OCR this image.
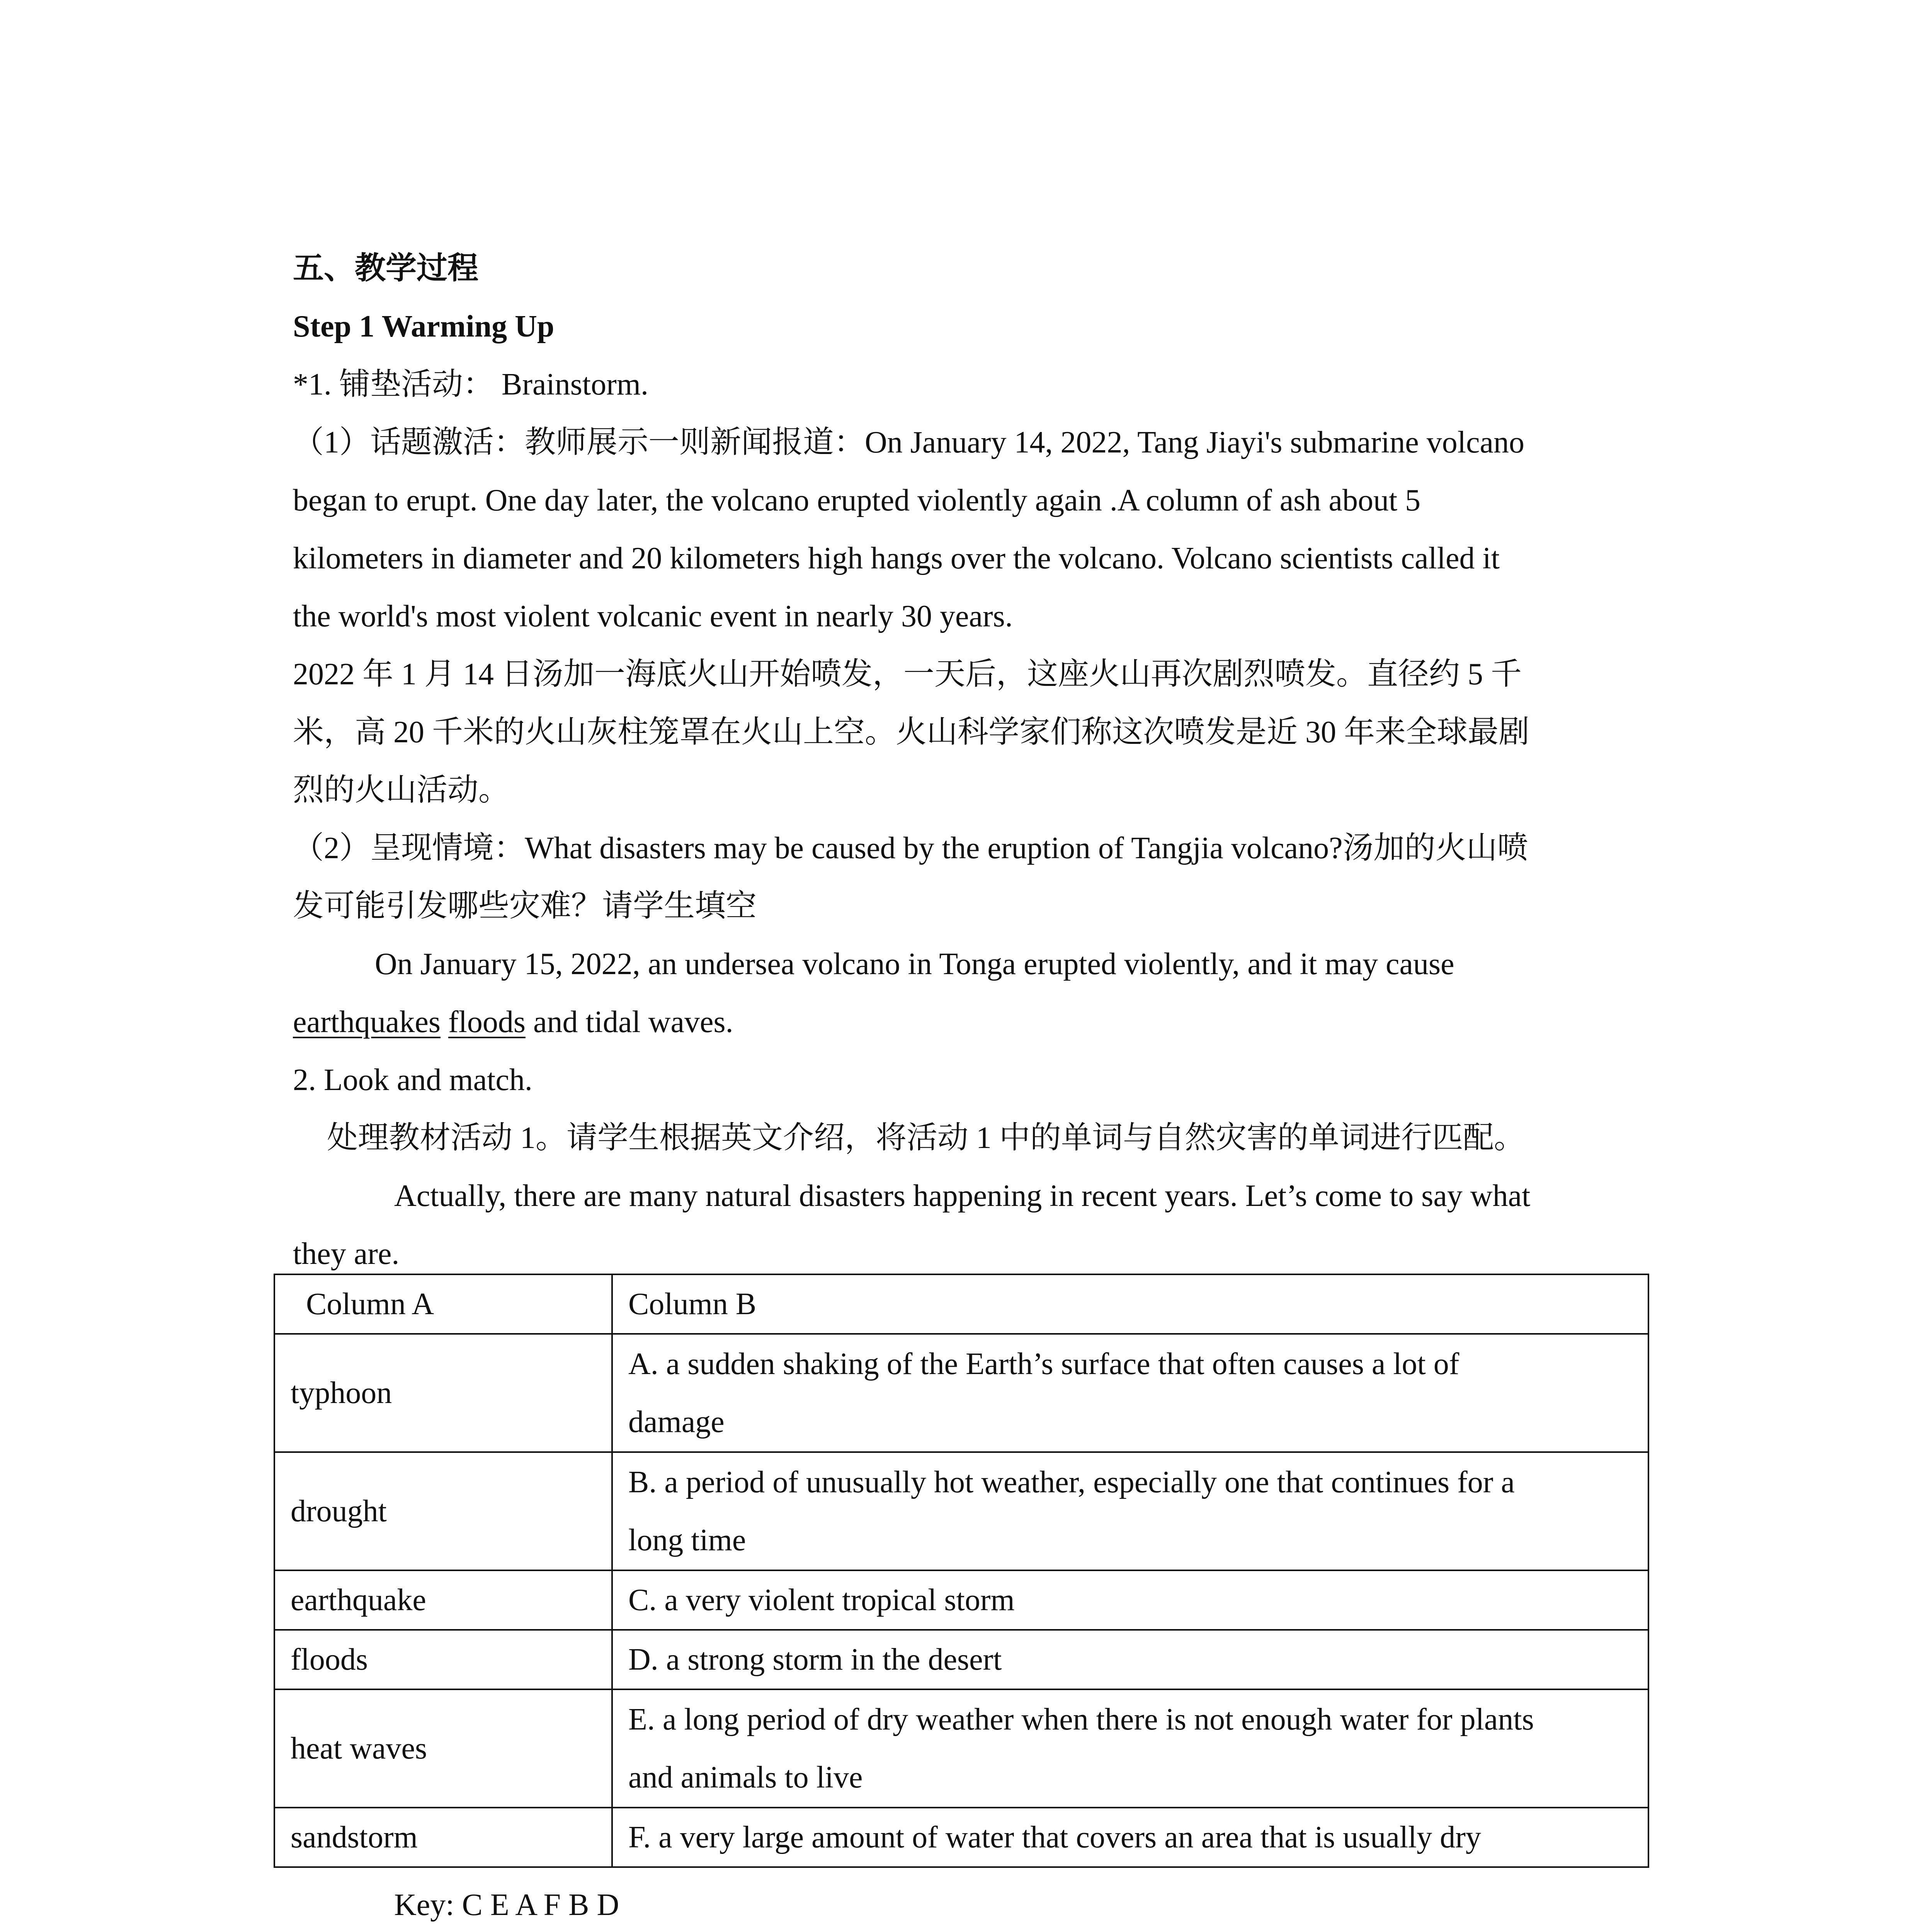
五、教学过程
Step 1 Warming Up
*1. 铺垫活动： Brainstorm.
（1）话题激活：教师展示一则新闻报道：On January 14, 2022, Tang Jiayi's submarine volcano
began to erupt. One day later, the volcano erupted violently again .A column of ash about 5
kilometers in diameter and 20 kilometers high hangs over the volcano. Volcano scientists called it
the world's most violent volcanic event in nearly 30 years.
2022 年 1 月 14 日汤加一海底火山开始喷发，一天后，这座火山再次剧烈喷发。直径约 5 千
米，高 20 千米的火山灰柱笼罩在火山上空。火山科学家们称这次喷发是近 30 年来全球最剧
烈的火山活动。
（2）呈现情境：What disasters may be caused by the eruption of Tangjia volcano?汤加的火山喷
发可能引发哪些灾难？请学生填空
On January 15, 2022, an undersea volcano in Tonga erupted violently, and it may cause
earthquakes floods and tidal waves.
2. Look and match.
处理教材活动 1。请学生根据英文介绍，将活动 1 中的单词与自然灾害的单词进行匹配。
Actually, there are many natural disasters happening in recent years. Let’s come to say what
they are.
Column A	Column B
typhoon	A. a sudden shaking of the Earth’s surface that often causes a lot of
damage

drought	B. a period of unusually hot weather, especially one that continues for a
long time

earthquake	C. a very violent tropical storm
floods	D. a strong storm in the desert
heat waves	E. a long period of dry weather when there is not enough water for plants
and animals to live

sandstorm	F. a very large amount of water that covers an area that is usually dry
Key: C E A F B D
